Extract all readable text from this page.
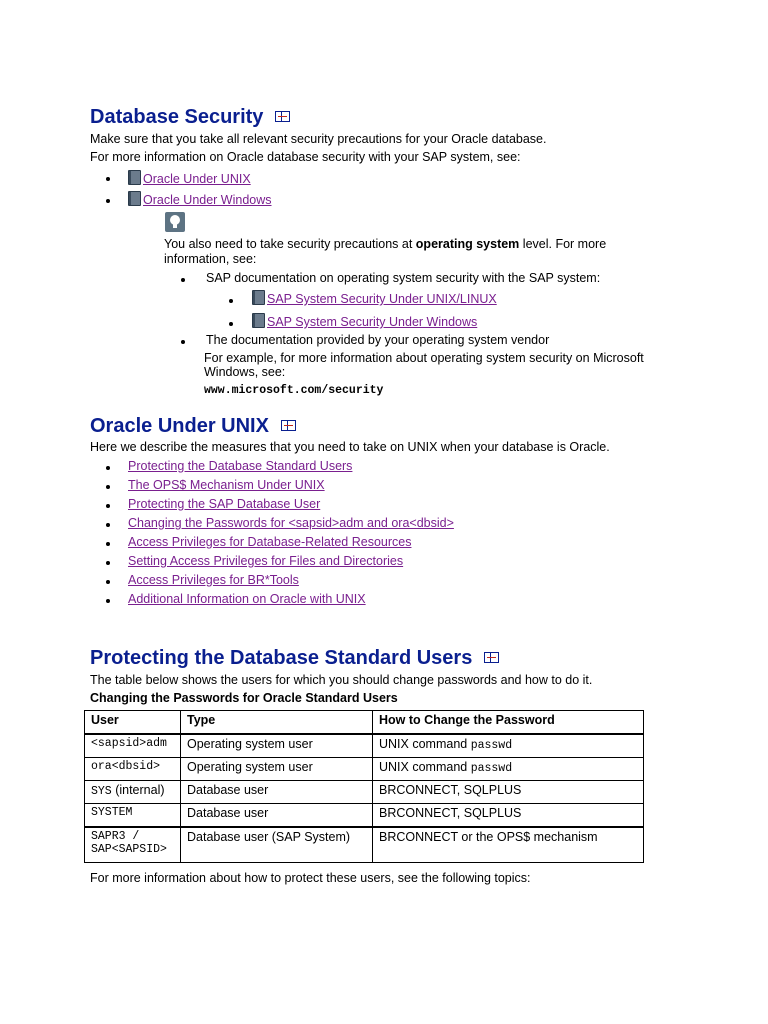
Database Security
Make sure that you take all relevant security precautions for your Oracle database.
For more information on Oracle database security with your SAP system, see:
Oracle Under UNIX
Oracle Under Windows
You also need to take security precautions at operating system level. For more
information, see:
SAP documentation on operating system security with the SAP system:
SAP System Security Under UNIX/LINUX
SAP System Security Under Windows
The documentation provided by your operating system vendor
For example, for more information about operating system security on Microsoft
Windows, see:
www.microsoft.com/security
Oracle Under UNIX
Here we describe the measures that you need to take on UNIX when your database is Oracle.
Protecting the Database Standard Users
The OPS$ Mechanism Under UNIX
Protecting the SAP Database User
Changing the Passwords for <sapsid>adm and ora<dbsid>
Access Privileges for Database-Related Resources
Setting Access Privileges for Files and Directories
Access Privileges for BR*Tools
Additional Information on Oracle with UNIX
Protecting the Database Standard Users
The table below shows the users for which you should change passwords and how to do it.
Changing the Passwords for Oracle Standard Users
User	Type	How to Change the Password
<sapsid>adm	Operating system user	UNIX command passwd
ora<dbsid>	Operating system user	UNIX command passwd
SYS (internal)	Database user	BRCONNECT, SQLPLUS
SYSTEM	Database user	BRCONNECT, SQLPLUS
SAPR3 /
SAP<SAPSID>	Database user (SAP System)	BRCONNECT or the OPS$ mechanism
For more information about how to protect these users, see the following topics:
